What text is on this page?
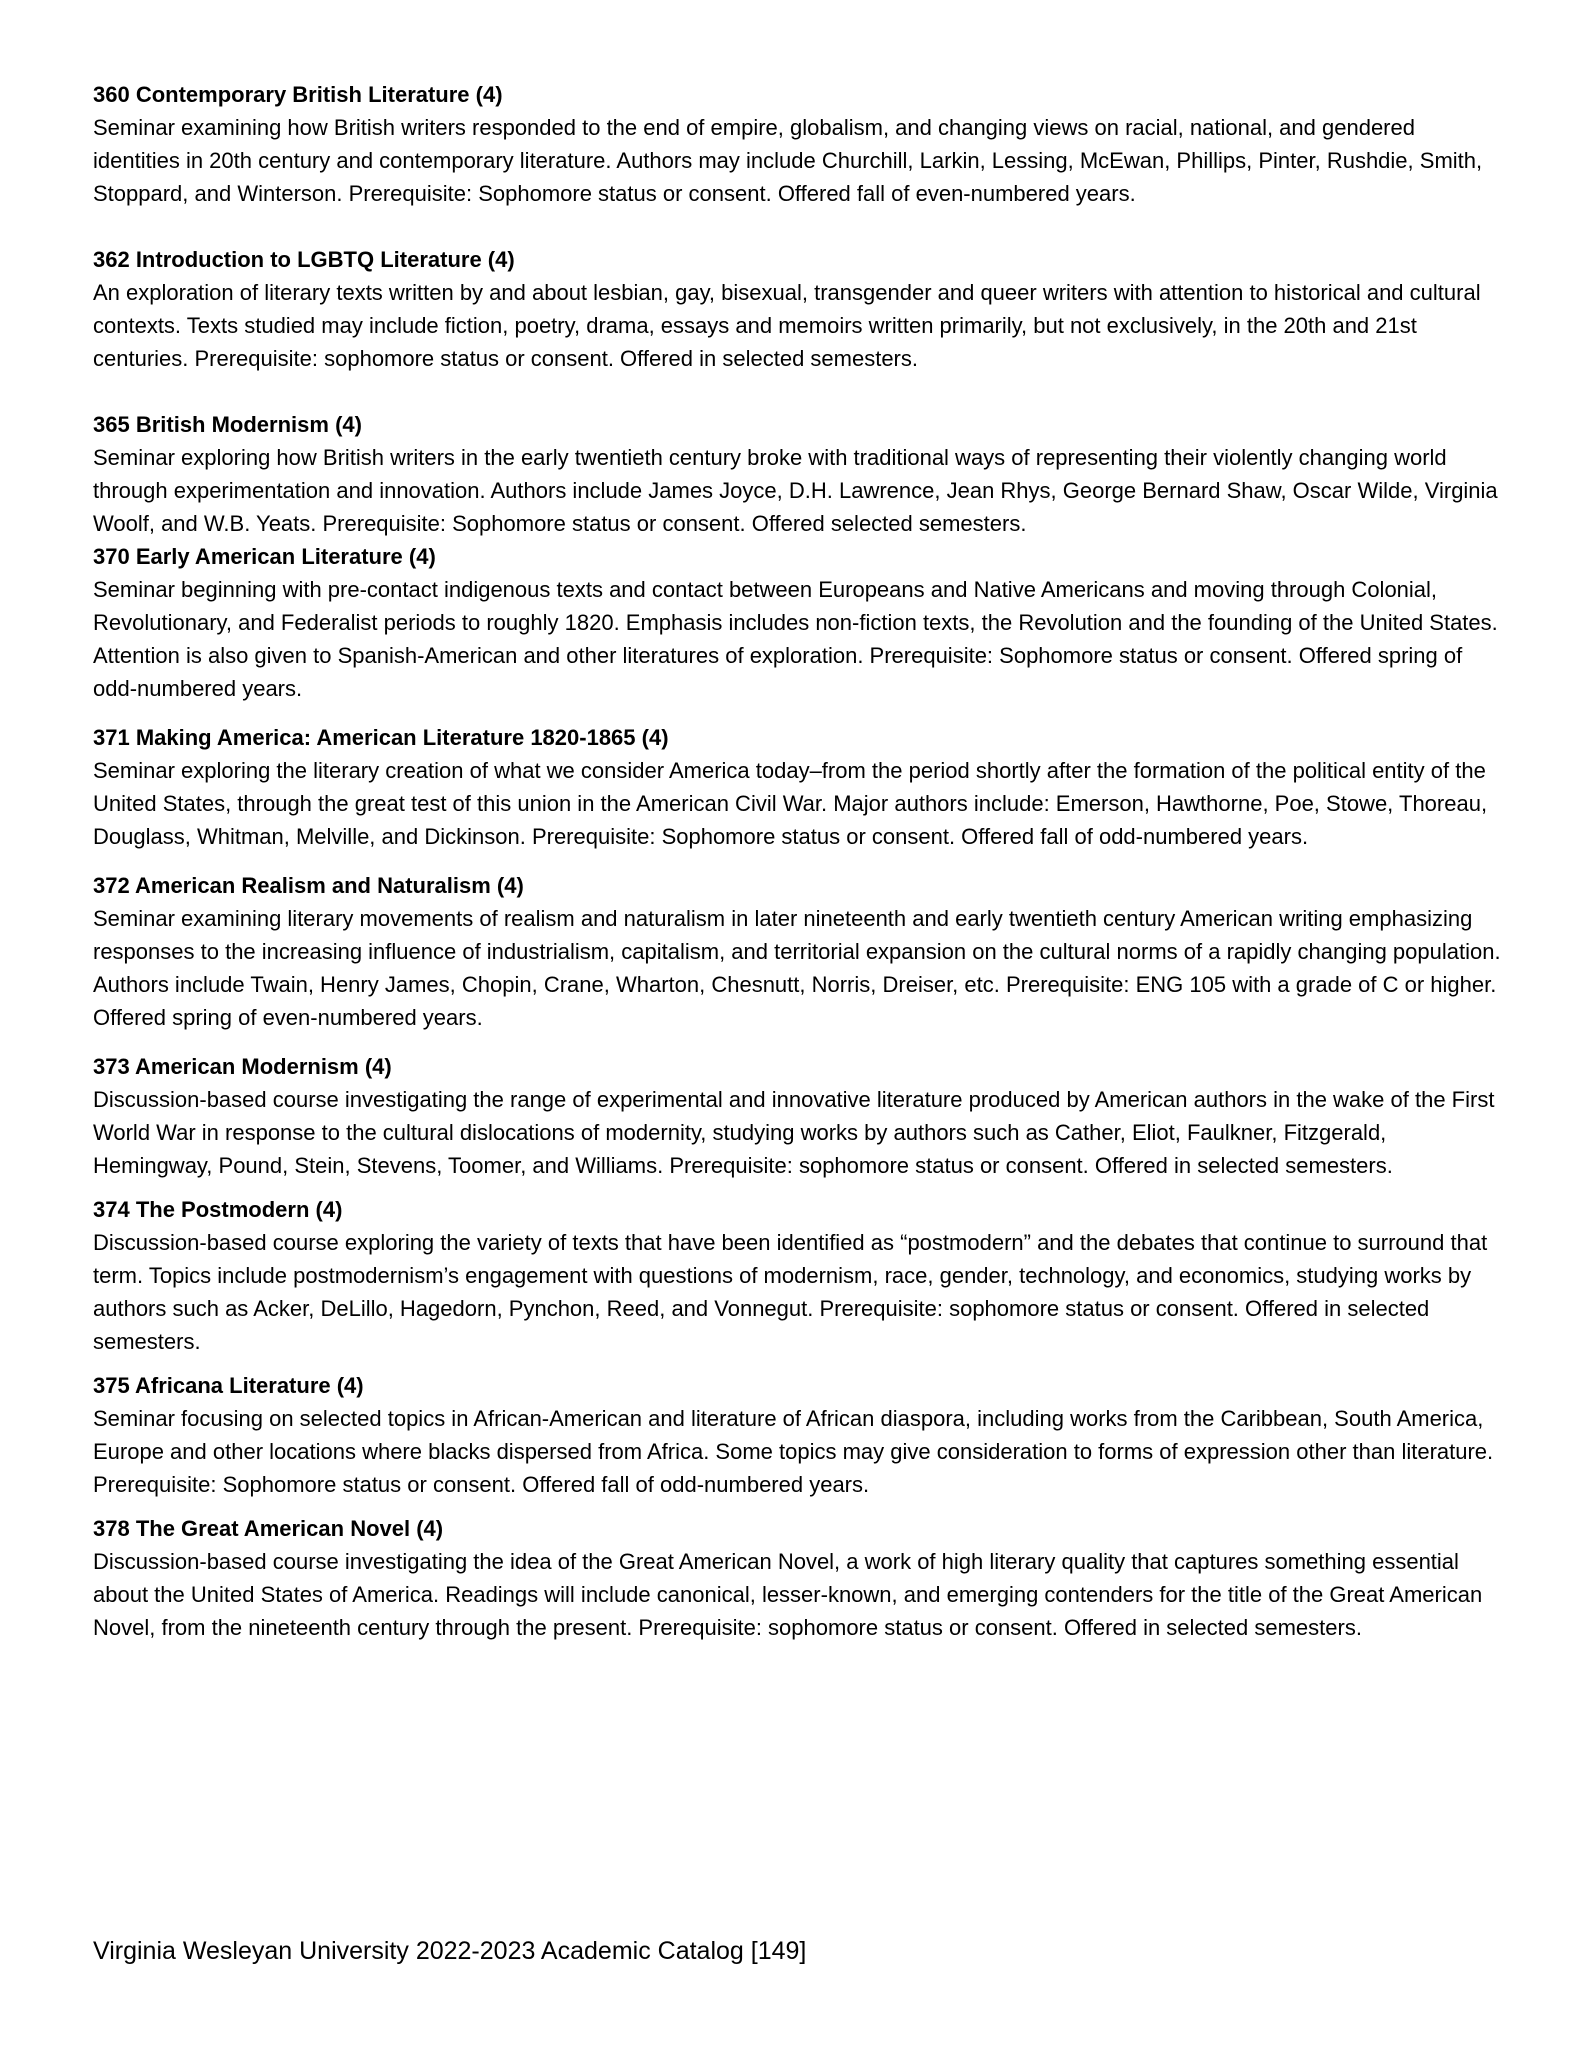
360 Contemporary British Literature (4)

Seminar examining how British writers responded to the end of empire, globalism, and changing views on racial, national, and gendered identities in 20th century and contemporary literature. Authors may include Churchill, Larkin, Lessing, McEwan, Phillips, Pinter, Rushdie, Smith, Stoppard, and Winterson. Prerequisite: Sophomore status or consent. Offered fall of even-numbered years.

362 Introduction to LGBTQ Literature (4)

An exploration of literary texts written by and about lesbian, gay, bisexual, transgender and queer writers with attention to historical and cultural contexts. Texts studied may include fiction, poetry, drama, essays and memoirs written primarily, but not exclusively, in the 20th and 21st centuries. Prerequisite: sophomore status or consent. Offered in selected semesters.

365 British Modernism (4)

Seminar exploring how British writers in the early twentieth century broke with traditional ways of representing their violently changing world through experimentation and innovation. Authors include James Joyce, D.H. Lawrence, Jean Rhys, George Bernard Shaw, Oscar Wilde, Virginia Woolf, and W.B. Yeats. Prerequisite: Sophomore status or consent. Offered selected semesters.

370 Early American Literature (4)

Seminar beginning with pre-contact indigenous texts and contact between Europeans and Native Americans and moving through Colonial, Revolutionary, and Federalist periods to roughly 1820. Emphasis includes non-fiction texts, the Revolution and the founding of the United States. Attention is also given to Spanish-American and other literatures of exploration. Prerequisite: Sophomore status or consent. Offered spring of odd-numbered years.

371 Making America: American Literature 1820-1865 (4)

Seminar exploring the literary creation of what we consider America today–from the period shortly after the formation of the political entity of the United States, through the great test of this union in the American Civil War. Major authors include: Emerson, Hawthorne, Poe, Stowe, Thoreau, Douglass, Whitman, Melville, and Dickinson. Prerequisite: Sophomore status or consent. Offered fall of odd-numbered years.

372 American Realism and Naturalism (4)

Seminar examining literary movements of realism and naturalism in later nineteenth and early twentieth century American writing emphasizing responses to the increasing influence of industrialism, capitalism, and territorial expansion on the cultural norms of a rapidly changing population. Authors include Twain, Henry James, Chopin, Crane, Wharton, Chesnutt, Norris, Dreiser, etc. Prerequisite: ENG 105 with a grade of C or higher. Offered spring of even-numbered years.

373 American Modernism (4)

Discussion-based course investigating the range of experimental and innovative literature produced by American authors in the wake of the First World War in response to the cultural dislocations of modernity, studying works by authors such as Cather, Eliot, Faulkner, Fitzgerald, Hemingway, Pound, Stein, Stevens, Toomer, and Williams. Prerequisite: sophomore status or consent. Offered in selected semesters.

374 The Postmodern (4)

Discussion-based course exploring the variety of texts that have been identified as “postmodern” and the debates that continue to surround that term. Topics include postmodernism’s engagement with questions of modernism, race, gender, technology, and economics, studying works by authors such as Acker, DeLillo, Hagedorn, Pynchon, Reed, and Vonnegut. Prerequisite: sophomore status or consent. Offered in selected semesters.

375 Africana Literature (4)

Seminar focusing on selected topics in African-American and literature of African diaspora, including works from the Caribbean, South America, Europe and other locations where blacks dispersed from Africa. Some topics may give consideration to forms of expression other than literature. Prerequisite: Sophomore status or consent. Offered fall of odd-numbered years.

378 The Great American Novel (4)

Discussion-based course investigating the idea of the Great American Novel, a work of high literary quality that captures something essential about the United States of America. Readings will include canonical, lesser-known, and emerging contenders for the title of the Great American Novel, from the nineteenth century through the present. Prerequisite: sophomore status or consent. Offered in selected semesters.

Virginia Wesleyan University 2022-2023 Academic Catalog [149]
